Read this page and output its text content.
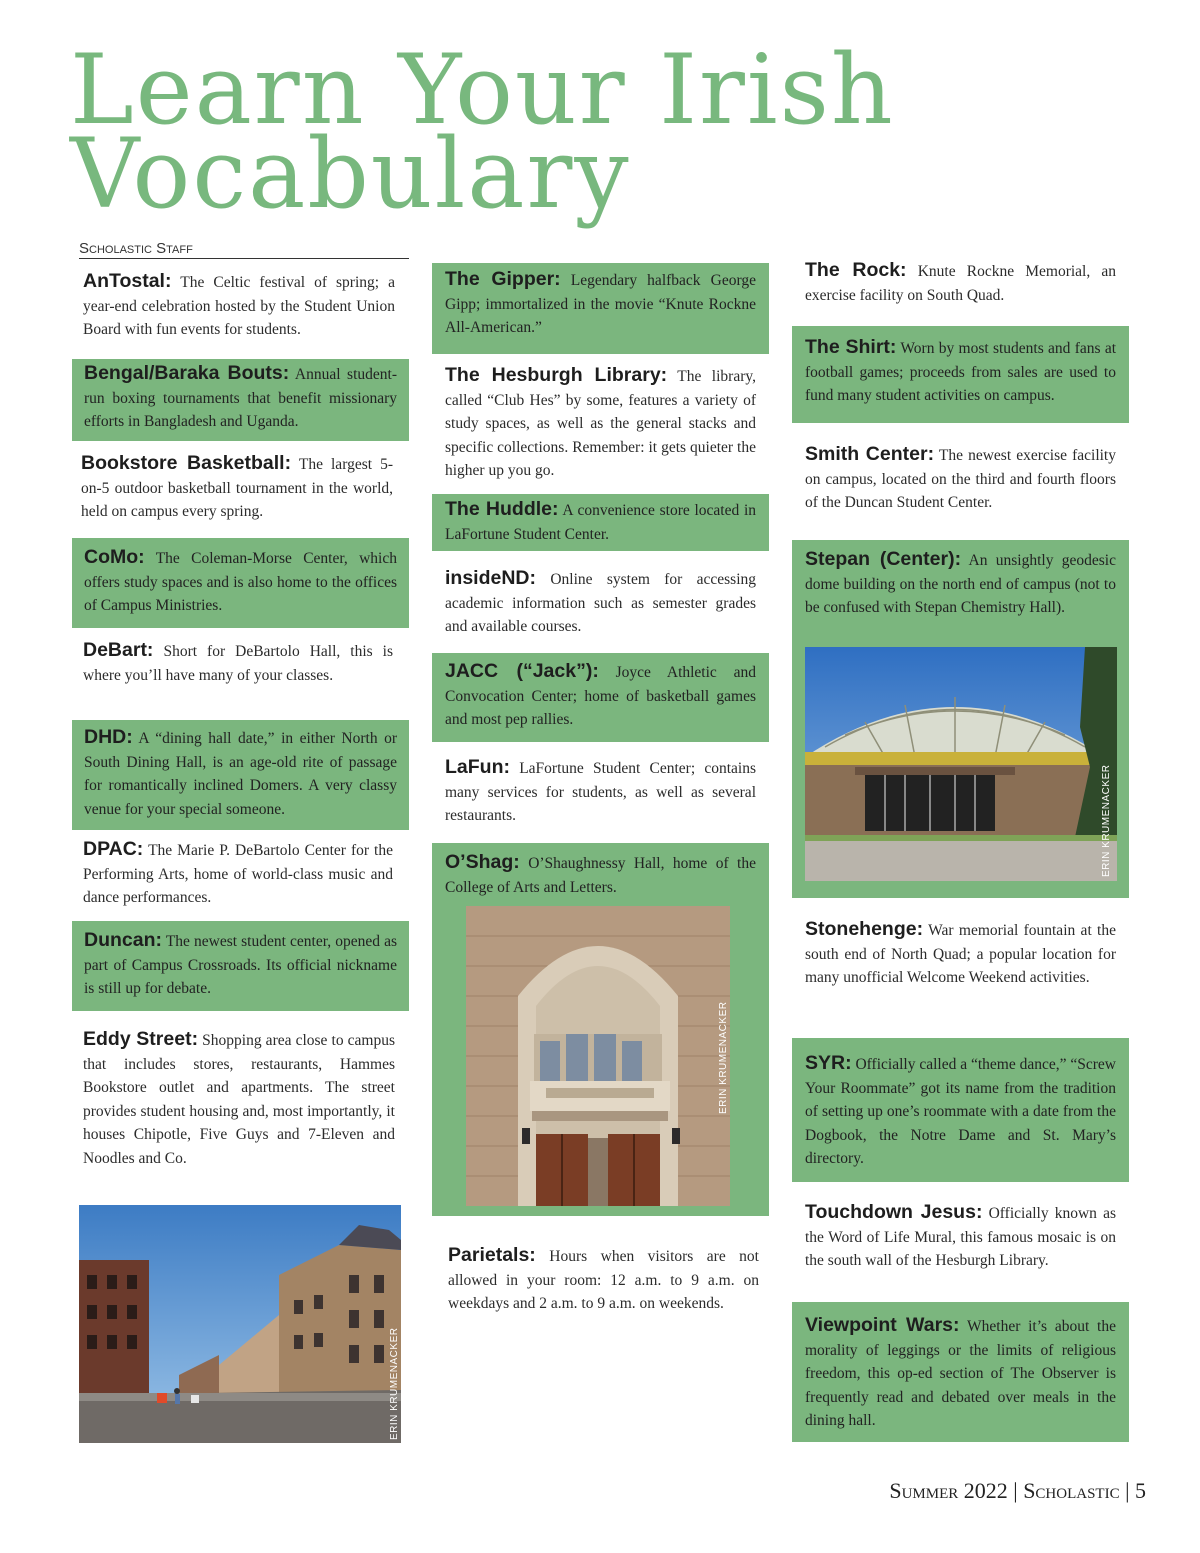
Learn Your Irish
Vocabulary
Scholastic Staff
AnTostal: The Celtic festival of spring; a year-end celebration hosted by the Student Union Board with fun events for students.
Bengal/Baraka Bouts: Annual student-run boxing tournaments that benefit missionary efforts in Bangladesh and Uganda.
Bookstore Basketball: The largest 5-on-5 outdoor basketball tournament in the world, held on campus every spring.
CoMo: The Coleman-Morse Center, which offers study spaces and is also home to the offices of Campus Ministries.
DeBart: Short for DeBartolo Hall, this is where you’ll have many of your classes.
DHD: A “dining hall date,” in either North or South Dining Hall, is an age-old rite of passage for romantically inclined Domers. A very classy venue for your special someone.
DPAC: The Marie P. DeBartolo Center for the Performing Arts, home of world-class music and dance performances.
Duncan: The newest student center, opened as part of Campus Crossroads. Its official nickname is still up for debate.
Eddy Street: Shopping area close to campus that includes stores, restaurants, Hammes Bookstore outlet and apartments. The street provides student housing and, most importantly, it houses Chipotle, Five Guys and 7-Eleven and Noodles and Co.
ERIN KRUMENACKER
The Gipper: Legendary halfback George Gipp; immortalized in the movie “Knute Rockne All-American.”
The Hesburgh Library: The library, called “Club Hes” by some, features a variety of study spaces, as well as the general stacks and specific collections. Remember: it gets quieter the higher up you go.
The Huddle: A convenience store located in LaFortune Student Center.
insideND: Online system for accessing academic information such as semester grades and available courses.
JACC (“Jack”): Joyce Athletic and Convocation Center; home of basketball games and most pep rallies.
LaFun: LaFortune Student Center; contains many services for students, as well as several restaurants.
O’Shag: O’Shaughnessy Hall, home of the College of Arts and Letters.
ERIN KRUMENACKER
Parietals: Hours when visitors are not allowed in your room: 12 a.m. to 9 a.m. on weekdays and 2 a.m. to 9 a.m. on weekends.
The Rock: Knute Rockne Memorial, an exercise facility on South Quad.
The Shirt: Worn by most students and fans at football games; proceeds from sales are used to fund many student activities on campus.
Smith Center: The newest exercise facility on campus, located on the third and fourth floors of the Duncan Student Center.
Stepan (Center): An unsightly geodesic dome building on the north end of campus (not to be confused with Stepan Chemistry Hall).
ERIN KRUMENACKER
Stonehenge: War memorial fountain at the south end of North Quad; a popular location for many unofficial Welcome Weekend activities.
SYR: Officially called a “theme dance,” “Screw Your Roommate” got its name from the tradition of setting up one’s roommate with a date from the Dogbook, the Notre Dame and St. Mary’s directory.
Touchdown Jesus: Officially known as the Word of Life Mural, this famous mosaic is on the south wall of the Hesburgh Library.
Viewpoint Wars: Whether it’s about the morality of leggings or the limits of religious freedom, this op-ed section of The Observer is frequently read and debated over meals in the dining hall.
Summer 2022 | Scholastic | 5
